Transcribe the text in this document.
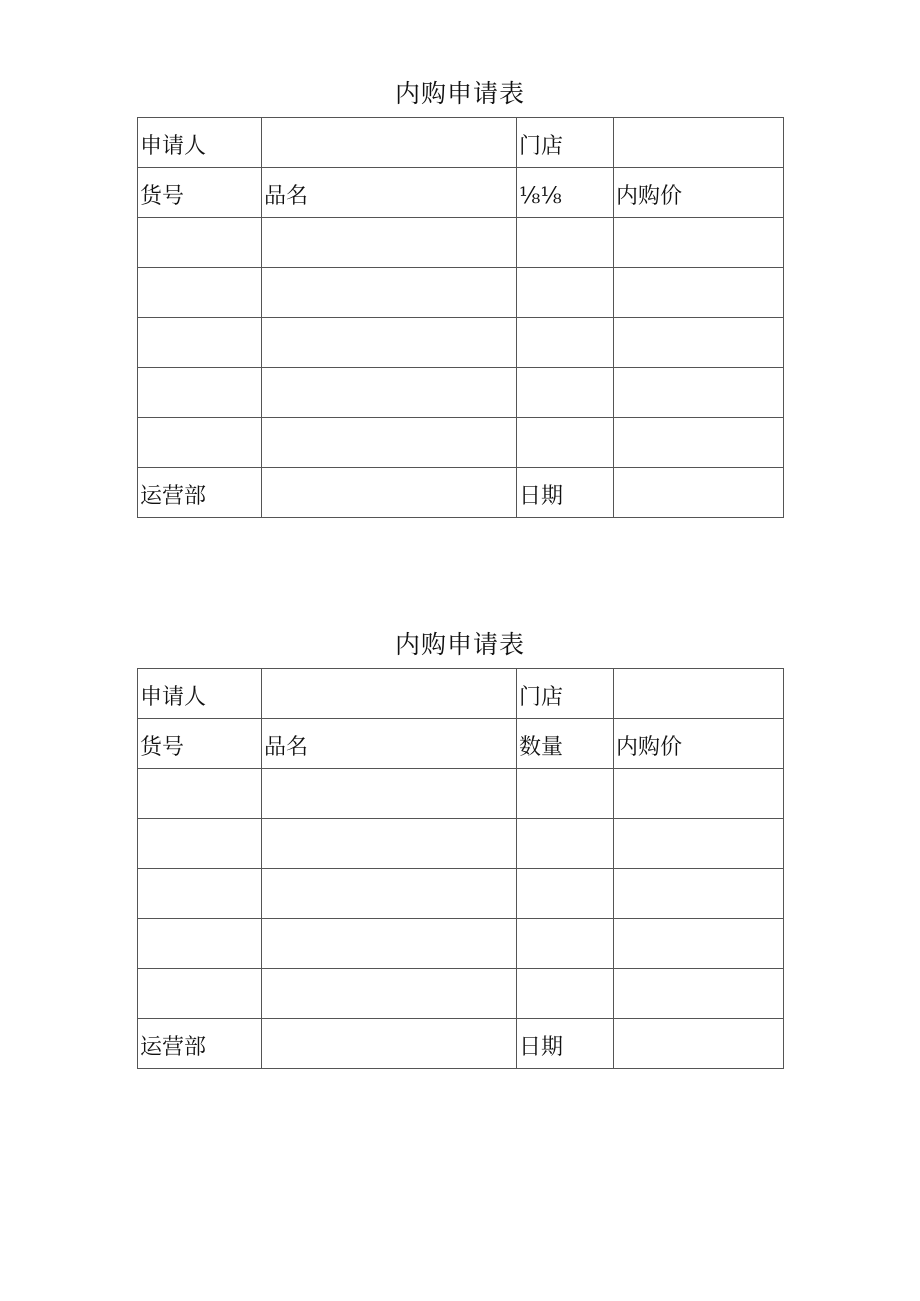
内购申请表
申请人		门店	
货号	品名	⅛⅛	内购价

运营部		日期	
内购申请表
申请人		门店	
货号	品名	数量	内购价

运营部		日期	
